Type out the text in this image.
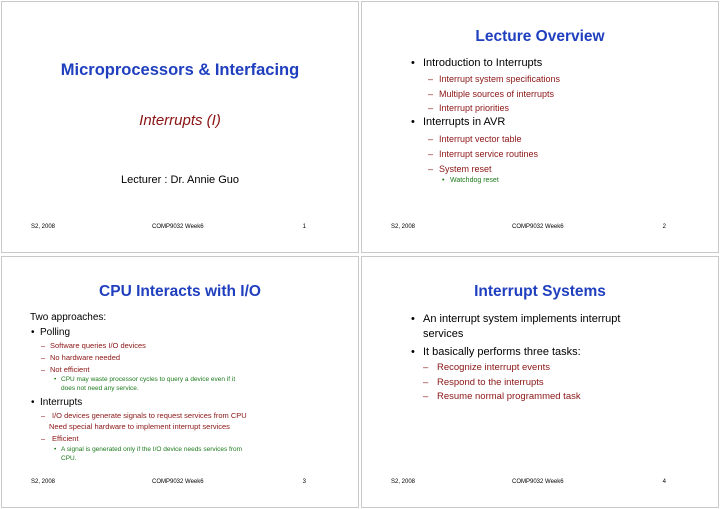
Microprocessors & Interfacing
Interrupts (I)
Lecturer : Dr. Annie Guo
S2, 2008	COMP9032 Week6	1
Lecture Overview
• Introduction to Interrupts
– Interrupt system specifications
– Multiple sources of interrupts
– Interrupt priorities
• Interrupts in AVR
– Interrupt vector table
– Interrupt service routines
– System reset
• Watchdog reset
S2, 2008	COMP9032 Week6	2
CPU Interacts with I/O
Two approaches:
• Polling
– Software queries I/O devices
– No hardware needed
– Not efficient
• CPU may waste processor cycles to query a device even if it
does not need any service.
• Interrupts
– I/O devices generate signals to request services from CPU
Need special hardware to implement interrupt services
– Efficient
• A signal is generated only if the I/O device needs services from
CPU.
S2, 2008	COMP9032 Week6	3
Interrupt Systems
• An interrupt system implements interrupt
services
• It basically performs three tasks:
– Recognize interrupt events
– Respond to the interrupts
– Resume normal programmed task
S2, 2008	COMP9032 Week6	4
